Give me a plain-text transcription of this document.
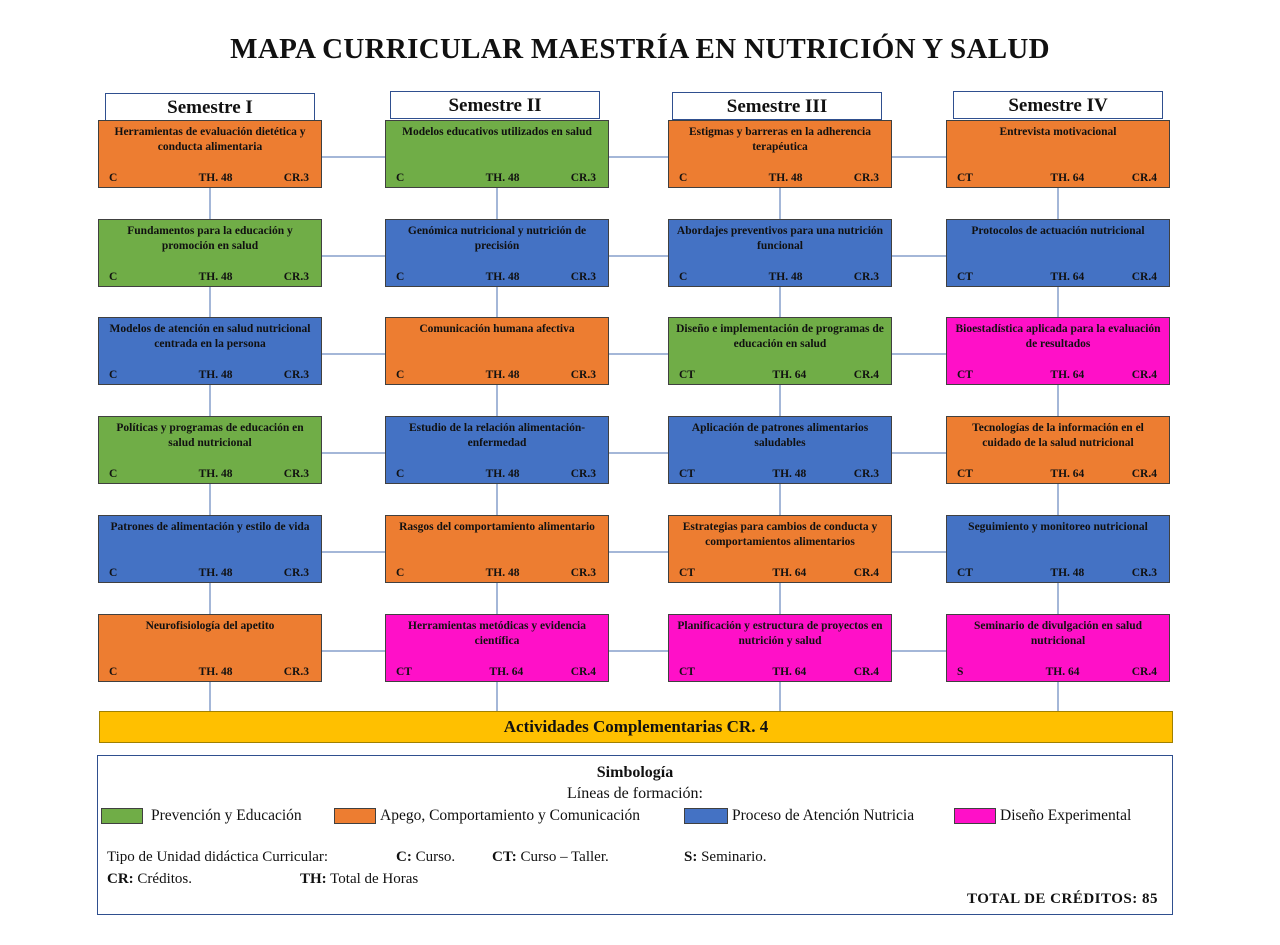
MAPA CURRICULAR MAESTRÍA EN NUTRICIÓN Y SALUD
Semestre I
Herramientas de evaluación dietética y conducta alimentaria
C	TH. 48	CR.3
Fundamentos para la educación y promoción en salud
C	TH. 48	CR.3
Modelos de atención en salud nutricional centrada en la persona
C	TH. 48	CR.3
Políticas y programas de educación en salud nutricional
C	TH. 48	CR.3
Patrones de alimentación y estilo de vida
C	TH. 48	CR.3
Neurofisiología del apetito
C	TH. 48	CR.3
Semestre II
Modelos educativos utilizados en salud
C	TH. 48	CR.3
Genómica nutricional y nutrición de precisión
C	TH. 48	CR.3
Comunicación humana afectiva
C	TH. 48	CR.3
Estudio de la relación alimentación-enfermedad
C	TH. 48	CR.3
Rasgos del comportamiento alimentario
C	TH. 48	CR.3
Herramientas metódicas y evidencia científica
CT	TH. 64	CR.4
Semestre III
Estigmas y barreras en la adherencia terapéutica
C	TH. 48	CR.3
Abordajes preventivos para una nutrición funcional
C	TH. 48	CR.3
Diseño e implementación de programas de educación en salud
CT	TH. 64	CR.4
Aplicación de patrones alimentarios saludables
CT	TH. 48	CR.3
Estrategias para cambios de conducta y comportamientos alimentarios
CT	TH. 64	CR.4
Planificación y estructura de proyectos en nutrición y salud
CT	TH. 64	CR.4
Semestre IV
Entrevista motivacional
CT	TH. 64	CR.4
Protocolos de actuación nutricional
CT	TH. 64	CR.4
Bioestadística aplicada para la evaluación de resultados
CT	TH. 64	CR.4
Tecnologías de la información en el cuidado de la salud nutricional
CT	TH. 64	CR.4
Seguimiento y monitoreo nutricional
CT	TH. 48	CR.3
Seminario de divulgación en salud nutricional
S	TH. 64	CR.4
Actividades Complementarias CR. 4
Simbología
Líneas de formación:
Prevención y Educación	Apego, Comportamiento y Comunicación	Proceso de Atención Nutricia	Diseño Experimental
Tipo de Unidad didáctica Curricular:	C: Curso. CT: Curso – Taller.	S: Seminario.
CR: Créditos.	TH: Total de Horas
TOTAL DE CRÉDITOS: 85
